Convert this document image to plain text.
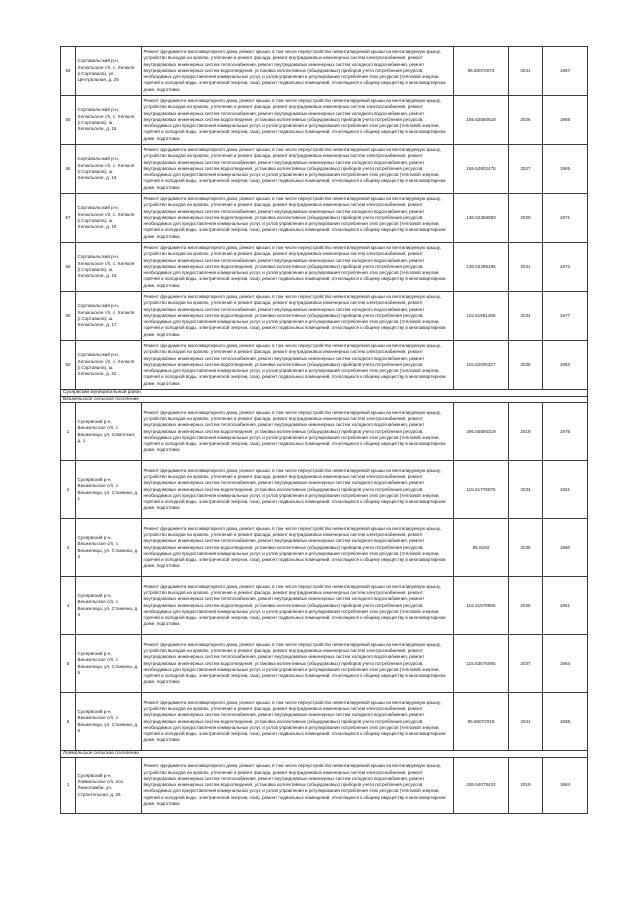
54	Сортавальский р-н, Хелюльское г/п, с. Хелюля (г.Сортавала), ул. Центральная, д. 25	Ремонт фундамента многоквартирного дома, ремонт крыши, в том числе переустройство невентилируемой крыши на вентилируемую крышу, устройство выходов на кровлю, утепление и ремонт фасада, ремонт внутридомовых инженерных систем электроснабжения, ремонт внутридомовых инженерных систем теплоснабжения, ремонт внутридомовых инженерных систем холодного водоснабжения, ремонт внутридомовых инженерных систем водоотведения, установка коллективных (общедомовых) приборов учета потребления ресурсов, необходимых для предоставления коммунальных услуг, и узлов управления и регулирования потребления этих ресурсов (тепловой энергии, горячей и холодной воды, электрической энергии, газа), ремонт подвальных помещений, относящихся к общему имуществу в многоквартирном доме, подготовка	95.50072073	2041	1967
55	Сортавальский р-н, Хелюльское г/п, с. Хелюля (г.Сортавала), ш. Хелюльское, д. 15	Ремонт фундамента многоквартирного дома, ремонт крыши, в том числе переустройство невентилируемой крыши на вентилируемую крышу, устройство выходов на кровлю, утепление и ремонт фасада, ремонт внутридомовых инженерных систем электроснабжения, ремонт внутридомовых инженерных систем теплоснабжения, ремонт внутридомовых инженерных систем холодного водоснабжения, ремонт внутридомовых инженерных систем водоотведения, установка коллективных (общедомовых) приборов учета потребления ресурсов, необходимых для предоставления коммунальных услуг, и узлов управления и регулирования потребления этих ресурсов (тепловой энергии, горячей и холодной воды, электрической энергии, газа), ремонт подвальных помещений, относящихся к общему имуществу в многоквартирном доме, подготовка	155.52580618	2026	1969
56	Сортавальский р-н, Хелюльское г/п, с. Хелюля (г.Сортавала), ш. Хелюльское, д. 16	Ремонт фундамента многоквартирного дома, ремонт крыши, в том числе переустройство невентилируемой крыши на вентилируемую крышу, устройство выходов на кровлю, утепление и ремонт фасада, ремонт внутридомовых инженерных систем электроснабжения, ремонт внутридомовых инженерных систем теплоснабжения, ремонт внутридомовых инженерных систем холодного водоснабжения, ремонт внутридомовых инженерных систем водоотведения, установка коллективных (общедомовых) приборов учета потребления ресурсов, необходимых для предоставления коммунальных услуг, и узлов управления и регулирования потребления этих ресурсов (тепловой энергии, горячей и холодной воды, электрической энергии, газа), ремонт подвальных помещений, относящихся к общему имуществу в многоквартирном доме, подготовка	155.52802475	2027	1965
57	Сортавальский р-н, Хелюльское г/п, с. Хелюля (г.Сортавала), ш. Хелюльское, д. 16	Ремонт фундамента многоквартирного дома, ремонт крыши, в том числе переустройство невентилируемой крыши на вентилируемую крышу, устройство выходов на кровлю, утепление и ремонт фасада, ремонт внутридомовых инженерных систем электроснабжения, ремонт внутридомовых инженерных систем теплоснабжения, ремонт внутридомовых инженерных систем холодного водоснабжения, ремонт внутридомовых инженерных систем водоотведения, установка коллективных (общедомовых) приборов учета потребления ресурсов, необходимых для предоставления коммунальных услуг, и узлов управления и регулирования потребления этих ресурсов (тепловой энергии, горячей и холодной воды, электрической энергии, газа), ремонт подвальных помещений, относящихся к общему имуществу в многоквартирном доме, подготовка	136.52359083	2029	1971
58	Сортавальский р-н, Хелюльское г/п, с. Хелюля (г.Сортавала), ш. Хелюльское, д. 16	Ремонт фундамента многоквартирного дома, ремонт крыши, в том числе переустройство невентилируемой крыши на вентилируемую крышу, устройство выходов на кровлю, утепление и ремонт фасада, ремонт внутридомовых инженерных систем электроснабжения, ремонт внутридомовых инженерных систем теплоснабжения, ремонт внутридомовых инженерных систем холодного водоснабжения, ремонт внутридомовых инженерных систем водоотведения, установка коллективных (общедомовых) приборов учета потребления ресурсов, необходимых для предоставления коммунальных услуг, и узлов управления и регулирования потребления этих ресурсов (тепловой энергии, горячей и холодной воды, электрической энергии, газа), ремонт подвальных помещений, относящихся к общему имуществу в многоквартирном доме, подготовка	136.52285185	2031	1972
59	Сортавальский р-н, Хелюльское г/п, с. Хелюля (г.Сортавала), ш. Хелюльское, д. 17	Ремонт фундамента многоквартирного дома, ремонт крыши, в том числе переустройство невентилируемой крыши на вентилируемую крышу, устройство выходов на кровлю, утепление и ремонт фасада, ремонт внутридомовых инженерных систем электроснабжения, ремонт внутридомовых инженерных систем теплоснабжения, ремонт внутридомовых инженерных систем холодного водоснабжения, ремонт внутридомовых инженерных систем водоотведения, установка коллективных (общедомовых) приборов учета потребления ресурсов, необходимых для предоставления коммунальных услуг, и узлов управления и регулирования потребления этих ресурсов (тепловой энергии, горячей и холодной воды, электрической энергии, газа), ремонт подвальных помещений, относящихся к общему имуществу в многоквартирном доме, подготовка	115.51981308	2034	1977
60	Сортавальский р-н, Хелюльское г/п, с. Хелюля (г.Сортавала), ш. Хелюльское, д. 22	Ремонт фундамента многоквартирного дома, ремонт крыши, в том числе переустройство невентилируемой крыши на вентилируемую крышу, устройство выходов на кровлю, утепление и ремонт фасада, ремонт внутридомовых инженерных систем электроснабжения, ремонт внутридомовых инженерных систем теплоснабжения, ремонт внутридомовых инженерных систем холодного водоснабжения, ремонт внутридомовых инженерных систем водоотведения, установка коллективных (общедомовых) приборов учета потребления ресурсов, необходимых для предоставления коммунальных услуг, и узлов управления и регулирования потребления этих ресурсов (тепловой энергии, горячей и холодной воды, электрической энергии, газа), ремонт подвальных помещений, относящихся к общему имуществу в многоквартирном доме, подготовка	115.52005327	2038	1983
Суоярвский муниципальный район					
Вешкельское сельское поселение					
1	Суоярвский р-н, Вешкельское с/п, с. Вешкелица, ул. Советская, д. 1	Ремонт фундамента многоквартирного дома, ремонт крыши, в том числе переустройство невентилируемой крыши на вентилируемую крышу, устройство выходов на кровлю, утепление и ремонт фасада, ремонт внутридомовых инженерных систем электроснабжения, ремонт внутридомовых инженерных систем теплоснабжения, ремонт внутридомовых инженерных систем холодного водоснабжения, ремонт внутридомовых инженерных систем водоотведения, установка коллективных (общедомовых) приборов учета потребления ресурсов, необходимых для предоставления коммунальных услуг, и узлов управления и регулирования потребления этих ресурсов (тепловой энергии, горячей и холодной воды, электрической энергии, газа), ремонт подвальных помещений, относящихся к общему имуществу в многоквартирном доме, подготовка	295.55585319	2019	1975
2	Суоярвский р-н, Вешкельское с/п, с. Вешкелица, ул. Станкина, д. 1	Ремонт фундамента многоквартирного дома, ремонт крыши, в том числе переустройство невентилируемой крыши на вентилируемую крышу, устройство выходов на кровлю, утепление и ремонт фасада, ремонт внутридомовых инженерных систем электроснабжения, ремонт внутридомовых инженерных систем теплоснабжения, ремонт внутридомовых инженерных систем холодного водоснабжения, ремонт внутридомовых инженерных систем водоотведения, установка коллективных (общедомовых) приборов учета потребления ресурсов, необходимых для предоставления коммунальных услуг, и узлов управления и регулирования потребления этих ресурсов (тепловой энергии, горячей и холодной воды, электрической энергии, газа), ремонт подвальных помещений, относящихся к общему имуществу в многоквартирном доме, подготовка	115.51776075	2034	1961
3	Суоярвский р-н, Вешкельское с/п, с. Вешкелица, ул. Станкина, д. 3	Ремонт фундамента многоквартирного дома, ремонт крыши, в том числе переустройство невентилируемой крыши на вентилируемую крышу, устройство выходов на кровлю, утепление и ремонт фасада, ремонт внутридомовых инженерных систем электроснабжения, ремонт внутридомовых инженерных систем теплоснабжения, ремонт внутридомовых инженерных систем холодного водоснабжения, ремонт внутридомовых инженерных систем водоотведения, установка коллективных (общедомовых) приборов учета потребления ресурсов, необходимых для предоставления коммунальных услуг, и узлов управления и регулирования потребления этих ресурсов (тепловой энергии, горячей и холодной воды, электрической энергии, газа), ремонт подвальных помещений, относящихся к общему имуществу в многоквартирном доме, подготовка	95.8192	2036	1960
4	Суоярвский р-н, Вешкельское с/п, с. Вешкелица, ул. Станкина, д. 4	Ремонт фундамента многоквартирного дома, ремонт крыши, в том числе переустройство невентилируемой крыши на вентилируемую крышу, устройство выходов на кровлю, утепление и ремонт фасада, ремонт внутридомовых инженерных систем электроснабжения, ремонт внутридомовых инженерных систем теплоснабжения, ремонт внутридомовых инженерных систем холодного водоснабжения, ремонт внутридомовых инженерных систем водоотведения, установка коллективных (общедомовых) приборов учета потребления ресурсов, необходимых для предоставления коммунальных услуг, и узлов управления и регулирования потребления этих ресурсов (тепловой энергии, горячей и холодной воды, электрической энергии, газа), ремонт подвальных помещений, относящихся к общему имуществу в многоквартирном доме, подготовка	115.51578865	2035	1961
5	Суоярвский р-н, Вешкельское с/п, с. Вешкелица, ул. Станкина, д. 5	Ремонт фундамента многоквартирного дома, ремонт крыши, в том числе переустройство невентилируемой крыши на вентилируемую крышу, устройство выходов на кровлю, утепление и ремонт фасада, ремонт внутридомовых инженерных систем электроснабжения, ремонт внутридомовых инженерных систем теплоснабжения, ремонт внутридомовых инженерных систем холодного водоснабжения, ремонт внутридомовых инженерных систем водоотведения, установка коллективных (общедомовых) приборов учета потребления ресурсов, необходимых для предоставления коммунальных услуг, и узлов управления и регулирования потребления этих ресурсов (тепловой энергии, горячей и холодной воды, электрической энергии, газа), ремонт подвальных помещений, относящихся к общему имуществу в многоквартирном доме, подготовка	115.53576085	2037	1964
6	Суоярвский р-н, Вешкельское с/п, с. Вешкелица, ул. Станкина, д. 6	Ремонт фундамента многоквартирного дома, ремонт крыши, в том числе переустройство невентилируемой крыши на вентилируемую крышу, устройство выходов на кровлю, утепление и ремонт фасада, ремонт внутридомовых инженерных систем электроснабжения, ремонт внутридомовых инженерных систем теплоснабжения, ремонт внутридомовых инженерных систем холодного водоснабжения, ремонт внутридомовых инженерных систем водоотведения, установка коллективных (общедомовых) приборов учета потребления ресурсов, необходимых для предоставления коммунальных услуг, и узлов управления и регулирования потребления этих ресурсов (тепловой энергии, горячей и холодной воды, электрической энергии, газа), ремонт подвальных помещений, относящихся к общему имуществу в многоквартирном доме, подготовка	95.50072018	2041	1968
Лоймольское сельское поселение					
1	Суоярвский р-н, Лоймольское с/п, пос. Лахколамби, ул. Строительная, д. 26	Ремонт фундамента многоквартирного дома, ремонт крыши, в том числе переустройство невентилируемой крыши на вентилируемую крышу, устройство выходов на кровлю, утепление и ремонт фасада, ремонт внутридомовых инженерных систем электроснабжения, ремонт внутридомовых инженерных систем теплоснабжения, ремонт внутридомовых инженерных систем холодного водоснабжения, ремонт внутридомовых инженерных систем водоотведения, установка коллективных (общедомовых) приборов учета потребления ресурсов, необходимых для предоставления коммунальных услуг, и узлов управления и регулирования потребления этих ресурсов (тепловой энергии, горячей и холодной воды, электрической энергии, газа), ремонт подвальных помещений, относящихся к общему имуществу в многоквартирном доме, подготовка	336.84078422	2019	1984
